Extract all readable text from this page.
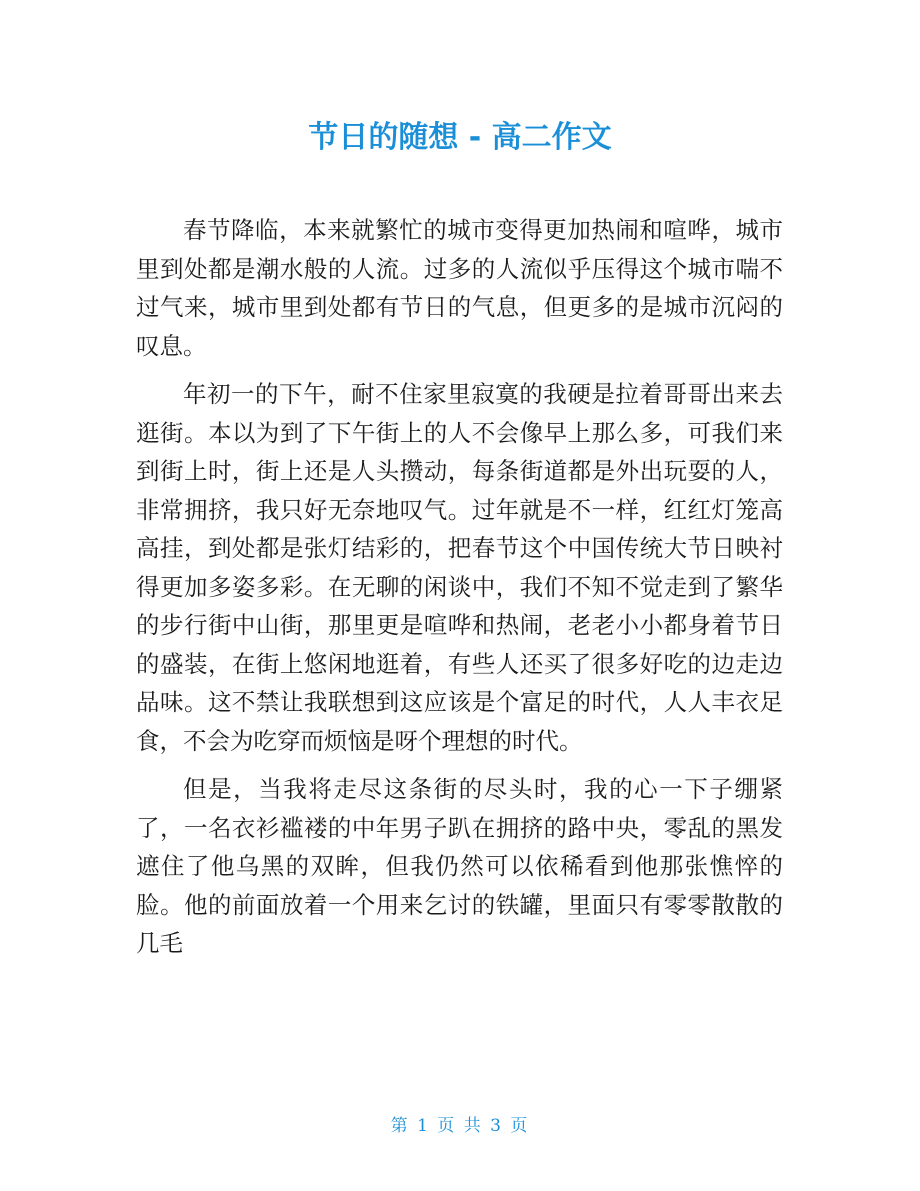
节日的随想 - 高二作文

春节降临，本来就繁忙的城市变得更加热闹和喧哗，城市里到处都是潮水般的人流。过多的人流似乎压得这个城市喘不过气来，城市里到处都有节日的气息，但更多的是城市沉闷的叹息。

年初一的下午，耐不住家里寂寞的我硬是拉着哥哥出来去逛街。本以为到了下午街上的人不会像早上那么多，可我们来到街上时，街上还是人头攒动，每条街道都是外出玩耍的人，非常拥挤，我只好无奈地叹气。过年就是不一样，红红灯笼高高挂，到处都是张灯结彩的，把春节这个中国传统大节日映衬得更加多姿多彩。在无聊的闲谈中，我们不知不觉走到了繁华的步行街中山街，那里更是喧哗和热闹，老老小小都身着节日的盛装，在街上悠闲地逛着，有些人还买了很多好吃的边走边品味。这不禁让我联想到这应该是个富足的时代，人人丰衣足食，不会为吃穿而烦恼是呀个理想的时代。

但是，当我将走尽这条街的尽头时，我的心一下子绷紧了，一名衣衫褴褛的中年男子趴在拥挤的路中央，零乱的黑发遮住了他乌黑的双眸，但我仍然可以依稀看到他那张憔悴的脸。他的前面放着一个用来乞讨的铁罐，里面只有零零散散的几毛

第 1 页 共 3 页
